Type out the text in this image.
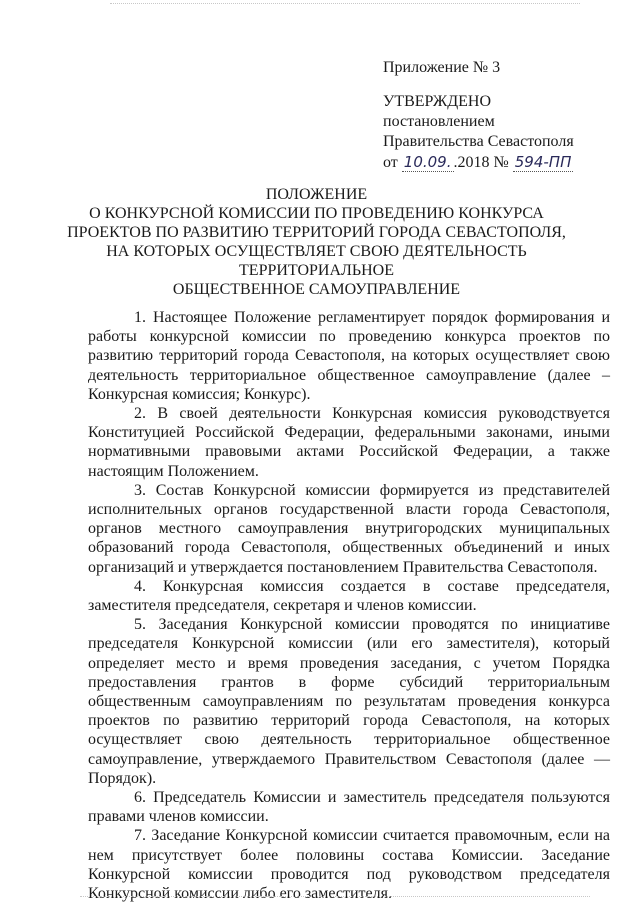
Приложение № 3
УТВЕРЖДЕНО
постановлением
Правительства Севастополя
от 10.09. .2018 № 594-ПП
ПОЛОЖЕНИЕ
О КОНКУРСНОЙ КОМИССИИ ПО ПРОВЕДЕНИЮ КОНКУРСА
ПРОЕКТОВ ПО РАЗВИТИЮ ТЕРРИТОРИЙ ГОРОДА СЕВАСТОПОЛЯ,
НА КОТОРЫХ ОСУЩЕСТВЛЯЕТ СВОЮ ДЕЯТЕЛЬНОСТЬ
ТЕРРИТОРИАЛЬНОЕ
ОБЩЕСТВЕННОЕ САМОУПРАВЛЕНИЕ

1. Настоящее Положение регламентирует порядок формирования и работы конкурсной комиссии по проведению конкурса проектов по развитию территорий города Севастополя, на которых осуществляет свою деятельность территориальное общественное самоуправление (далее – Конкурсная комиссия; Конкурс).

2. В своей деятельности Конкурсная комиссия руководствуется Конституцией Российской Федерации, федеральными законами, иными нормативными правовыми актами Российской Федерации, а также настоящим Положением.

3. Состав Конкурсной комиссии формируется из представителей исполнительных органов государственной власти города Севастополя, органов местного самоуправления внутригородских муниципальных образований города Севастополя, общественных объединений и иных организаций и утверждается постановлением Правительства Севастополя.

4. Конкурсная комиссия создается в составе председателя, заместителя председателя, секретаря и членов комиссии.

5. Заседания Конкурсной комиссии проводятся по инициативе председателя Конкурсной комиссии (или его заместителя), который определяет место и время проведения заседания, с учетом Порядка предоставления грантов в форме субсидий территориальным общественным самоуправлениям по результатам проведения конкурса проектов по развитию территорий города Севастополя, на которых осуществляет свою деятельность территориальное общественное самоуправление, утверждаемого Правительством Севастополя (далее — Порядок).

6. Председатель Комиссии и заместитель председателя пользуются правами членов комиссии.

7. Заседание Конкурсной комиссии считается правомочным, если на нем присутствует более половины состава Комиссии. Заседание Конкурсной комиссии проводится под руководством председателя Конкурсной комиссии либо его заместителя.
